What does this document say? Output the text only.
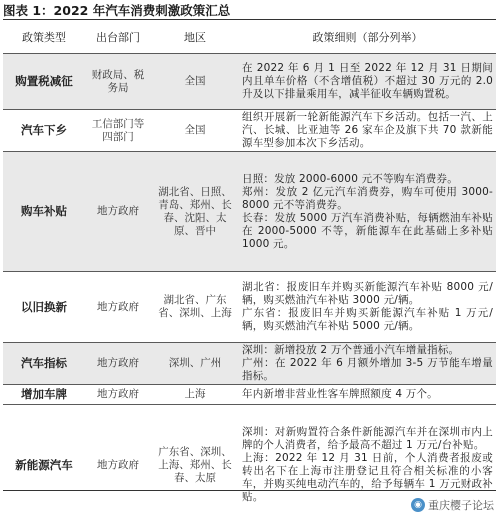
图表 1：2022 年汽车消费刺激政策汇总
政策类型	出台部门	地区	政策细则（部分列举）
购置税减征	财政局、税务局	全国	在 2022 年 6 月 1 日至 2022 年 12 月 31 日期间内且单车价格（不含增值税）不超过 30 万元的 2.0 升及以下排量乘用车，减半征收车辆购置税。

汽车下乡	工信部门等四部门	全国	组织开展新一轮新能源汽车下乡活动。包括一汽、上汽、长城、比亚迪等 26 家车企及旗下共 70 款新能源车型参加本次下乡活动。

购车补贴	地方政府	湖北省、日照、青岛、郑州、长春、沈阳、太原、晋中	日照：发放 2000-6000 元不等购车消费券。
郑州：发放 2 亿元汽车消费券，购车可使用 3000-8000 元不等消费券。
长春：发放 5000 万汽车消费补贴，每辆燃油车补贴在 2000-5000 不等，新能源车在此基础上多补贴 1000 元。

以旧换新	地方政府	湖北省、广东省、深圳、上海	湖北省：报废旧车并购买新能源汽车补贴 8000 元/辆，购买燃油汽车补贴 3000 元/辆。
广东省：报废旧车并购买新能源汽车补贴 1 万元/辆，购买燃油汽车补贴 5000 元/辆。

汽车指标	地方政府	深圳、广州	深圳：新增投放 2 万个普通小汽车增量指标。
广州：在 2022 年 6 月额外增加 3-5 万节能车增量指标。

增加车牌	地方政府	上海	年内新增非营业性客车牌照额度 4 万个。

新能源汽车	地方政府	广东省、深圳、上海、郑州、长春、太原	深圳：对新购置符合条件新能源汽车并在深圳市内上牌的个人消费者，给予最高不超过 1 万元/台补贴。
上海：2022 年 12 月 31 日前，个人消费者报废或转出名下在上海市注册登记且符合相关标准的小客车，并购买纯电动汽车的，给予每辆车 1 万元财政补贴。
◉ 重庆樱子论坛
